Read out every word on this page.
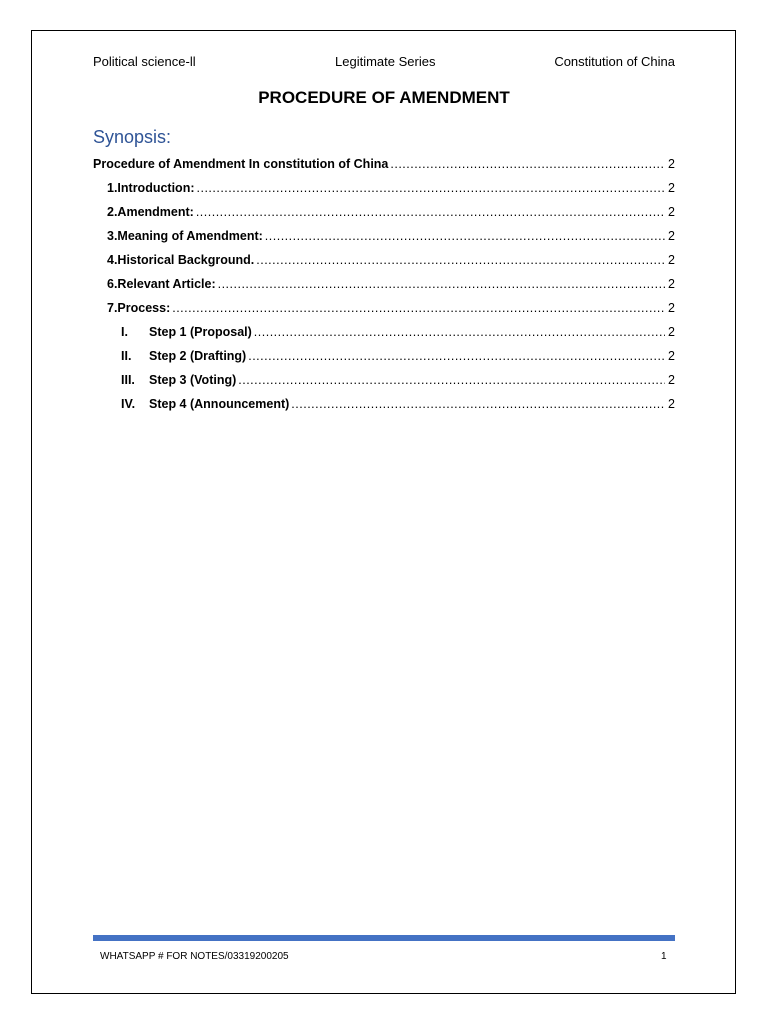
Political science-ll	Legitimate Series	Constitution of China
PROCEDURE OF AMENDMENT
Synopsis:
Procedure of Amendment In constitution of China .....	2
1.Introduction: .....	2
2.Amendment: .....	2
3.Meaning of Amendment: .....	2
4.Historical Background. .....	2
6.Relevant Article: .....	2
7.Process: .....	2
I.	Step 1 (Proposal) .....	2
II.	Step 2 (Drafting) .....	2
III.	Step 3 (Voting) .....	2
IV.	Step 4 (Announcement) .....	2
WHATSAPP # FOR NOTES/03319200205	1
